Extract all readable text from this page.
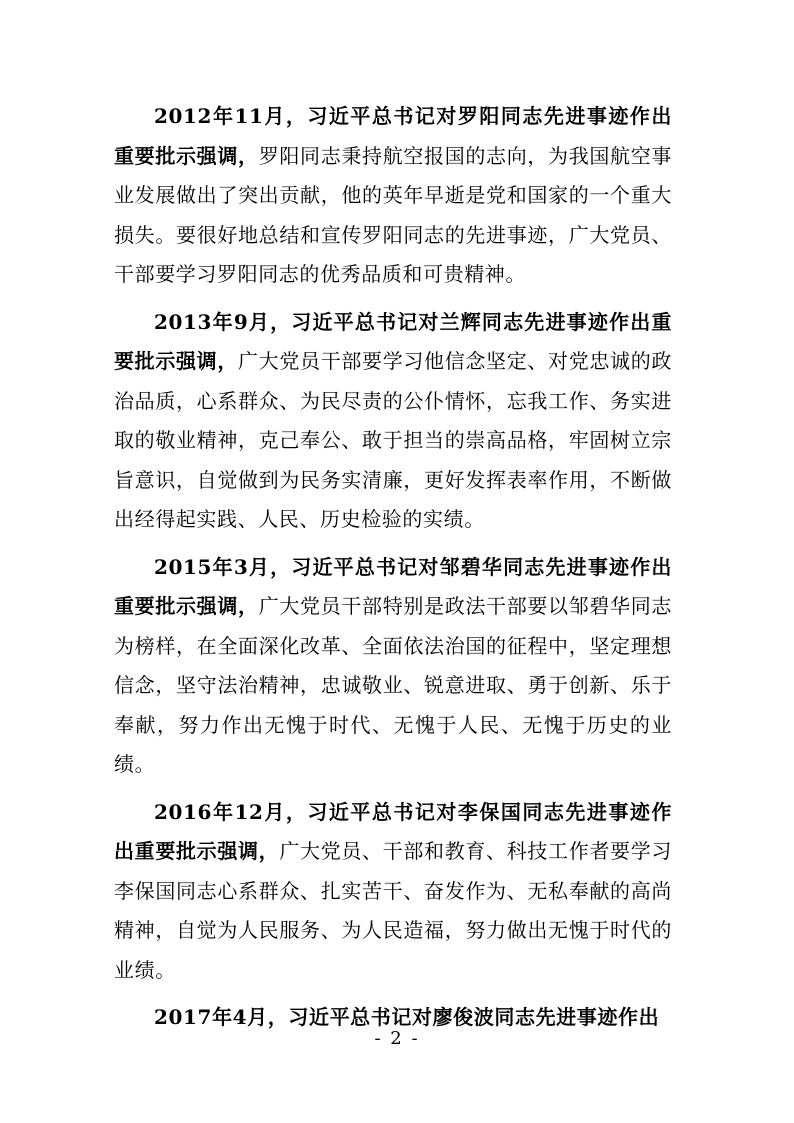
2012年11月，习近平总书记对罗阳同志先进事迹作出重要批示强调，罗阳同志秉持航空报国的志向，为我国航空事业发展做出了突出贡献，他的英年早逝是党和国家的一个重大损失。要很好地总结和宣传罗阳同志的先进事迹，广大党员、干部要学习罗阳同志的优秀品质和可贵精神。

2013年9月，习近平总书记对兰辉同志先进事迹作出重要批示强调，广大党员干部要学习他信念坚定、对党忠诚的政治品质，心系群众、为民尽责的公仆情怀，忘我工作、务实进取的敬业精神，克己奉公、敢于担当的崇高品格，牢固树立宗旨意识，自觉做到为民务实清廉，更好发挥表率作用，不断做出经得起实践、人民、历史检验的实绩。

2015年3月，习近平总书记对邹碧华同志先进事迹作出重要批示强调，广大党员干部特别是政法干部要以邹碧华同志为榜样，在全面深化改革、全面依法治国的征程中，坚定理想信念，坚守法治精神，忠诚敬业、锐意进取、勇于创新、乐于奉献，努力作出无愧于时代、无愧于人民、无愧于历史的业绩。

2016年12月，习近平总书记对李保国同志先进事迹作出重要批示强调，广大党员、干部和教育、科技工作者要学习李保国同志心系群众、扎实苦干、奋发作为、无私奉献的高尚精神，自觉为人民服务、为人民造福，努力做出无愧于时代的业绩。

2017年4月，习近平总书记对廖俊波同志先进事迹作出

- 2 -
